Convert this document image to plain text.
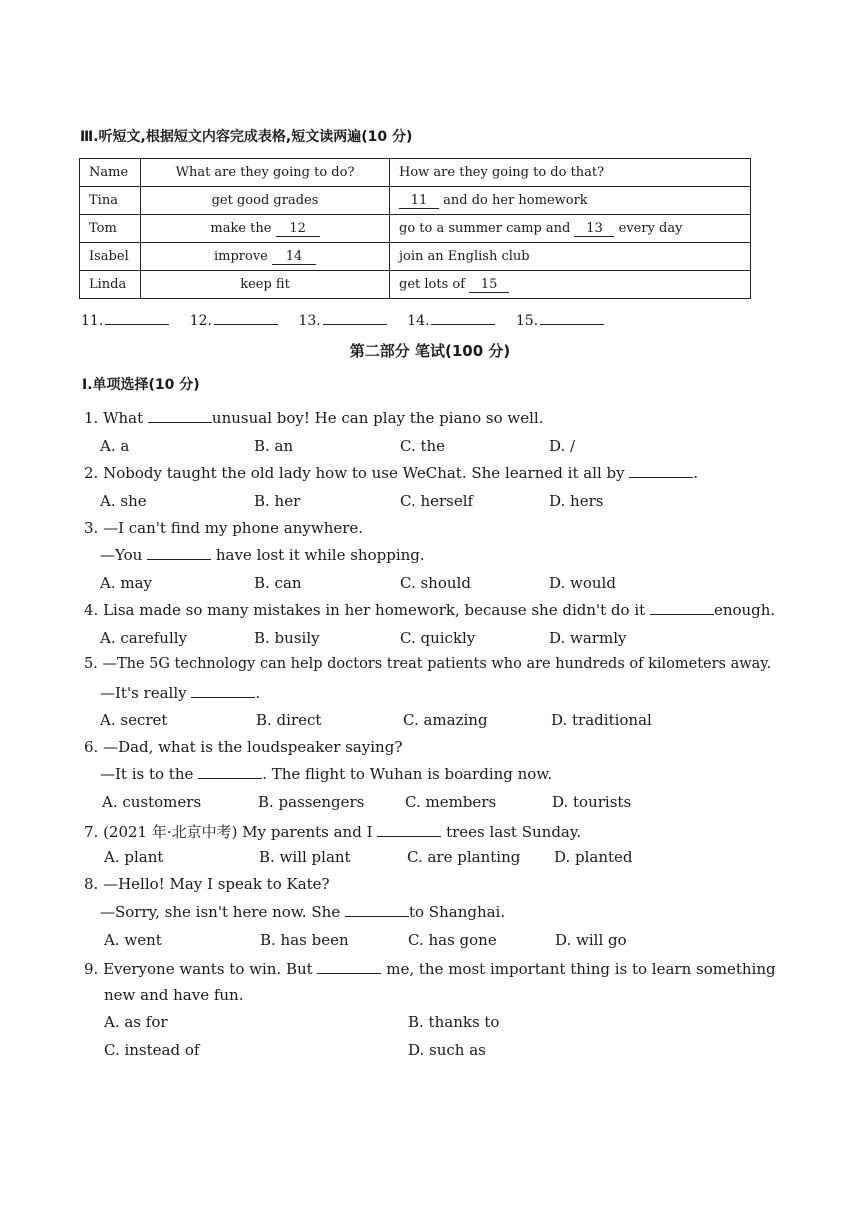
Ⅲ.听短文,根据短文内容完成表格,短文读两遍(10 分)
Name	What are they going to do?	How are they going to do that?
Tina	get good grades	11 and do her homework
Tom	make the 12	go to a summer camp and 13 every day
Isabel	improve 14	join an English club
Linda	keep fit	get lots of 15
11.	12.	13.	14.	15.
第二部分 笔试(100 分)
Ⅰ.单项选择(10 分)
1. What	unusual boy! He can play the piano so well.
A. a	B. an	C. the	D. /
2. Nobody taught the old lady how to use WeChat. She learned it all by	.
A. she	B. her	C. herself	D. hers
3. —I can't find my phone anywhere.
—You	have lost it while shopping.
A. may	B. can	C. should	D. would
4. Lisa made so many mistakes in her homework, because she didn't do it	enough.
A. carefully	B. busily	C. quickly	D. warmly
5. —The 5G technology can help doctors treat patients who are hundreds of kilometers away.
—It's really	.
A. secret	B. direct	C. amazing	D. traditional
6. —Dad, what is the loudspeaker saying?
—It is to the	. The flight to Wuhan is boarding now.
A. customers	B. passengers	C. members	D. tourists
7. (2021 年·北京中考) My parents and I	trees last Sunday.
A. plant	B. will plant	C. are planting D. planted
8. —Hello! May I speak to Kate?
—Sorry, she isn't here now. She	to Shanghai.
A. went	B. has been	C. has gone	D. will go
9. Everyone wants to win. But	me, the most important thing is to learn something
new and have fun.
A. as for	B. thanks to
C. instead of	D. such as
